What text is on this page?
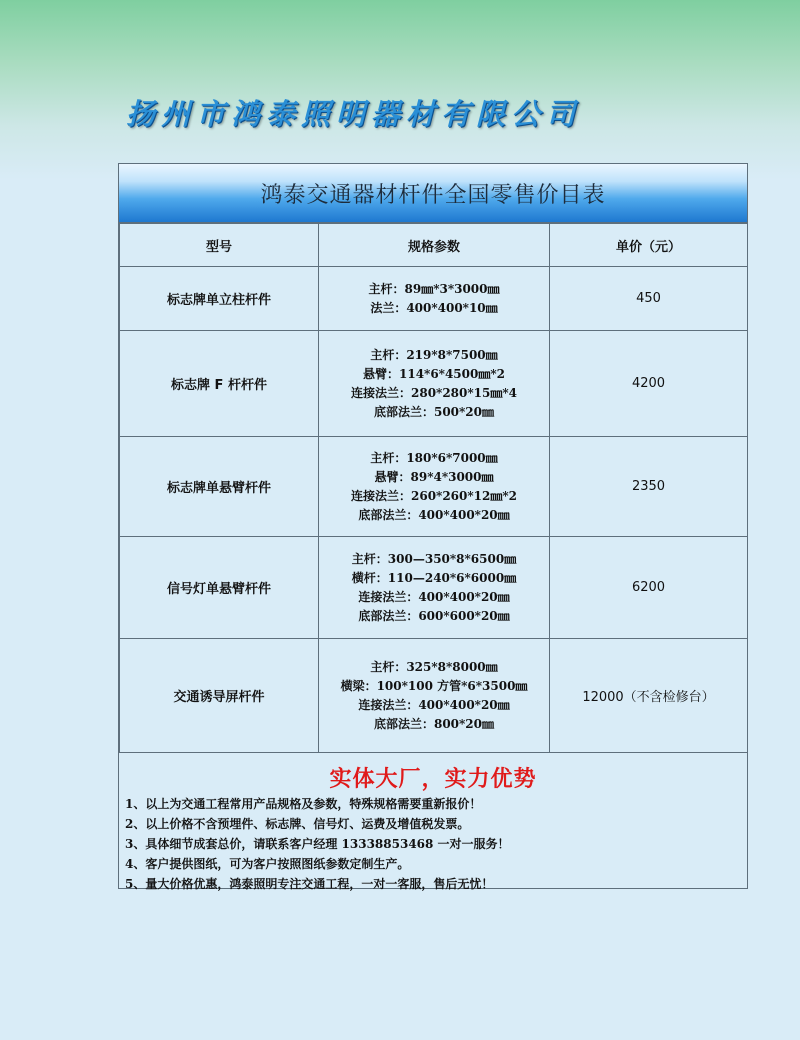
扬州市鸿泰照明器材有限公司
鸿泰交通器材杆件全国零售价目表
型号	规格参数	单价（元）
标志牌单立柱杆件	主杆：89㎜*3*3000㎜
法兰：400*400*10㎜	450
标志牌 F 杆杆件	主杆：219*8*7500㎜
悬臂：114*6*4500㎜*2
连接法兰：280*280*15㎜*4
底部法兰：500*20㎜	4200
标志牌单悬臂杆件	主杆：180*6*7000㎜
悬臂：89*4*3000㎜
连接法兰：260*260*12㎜*2
底部法兰：400*400*20㎜	2350
信号灯单悬臂杆件	主杆：300—350*8*6500㎜
横杆：110—240*6*6000㎜
连接法兰：400*400*20㎜
底部法兰：600*600*20㎜	6200
交通诱导屏杆件	主杆：325*8*8000㎜
横梁：100*100 方管*6*3500㎜
连接法兰：400*400*20㎜
底部法兰：800*20㎜	12000（不含检修台）
实体大厂，实力优势
1、以上为交通工程常用产品规格及参数，特殊规格需要重新报价！
2、以上价格不含预埋件、标志牌、信号灯、运费及增值税发票。
3、具体细节成套总价，请联系客户经理 13338853468 一对一服务！
4、客户提供图纸，可为客户按照图纸参数定制生产。
5、量大价格优惠，鸿泰照明专注交通工程，一对一客服，售后无忧！
